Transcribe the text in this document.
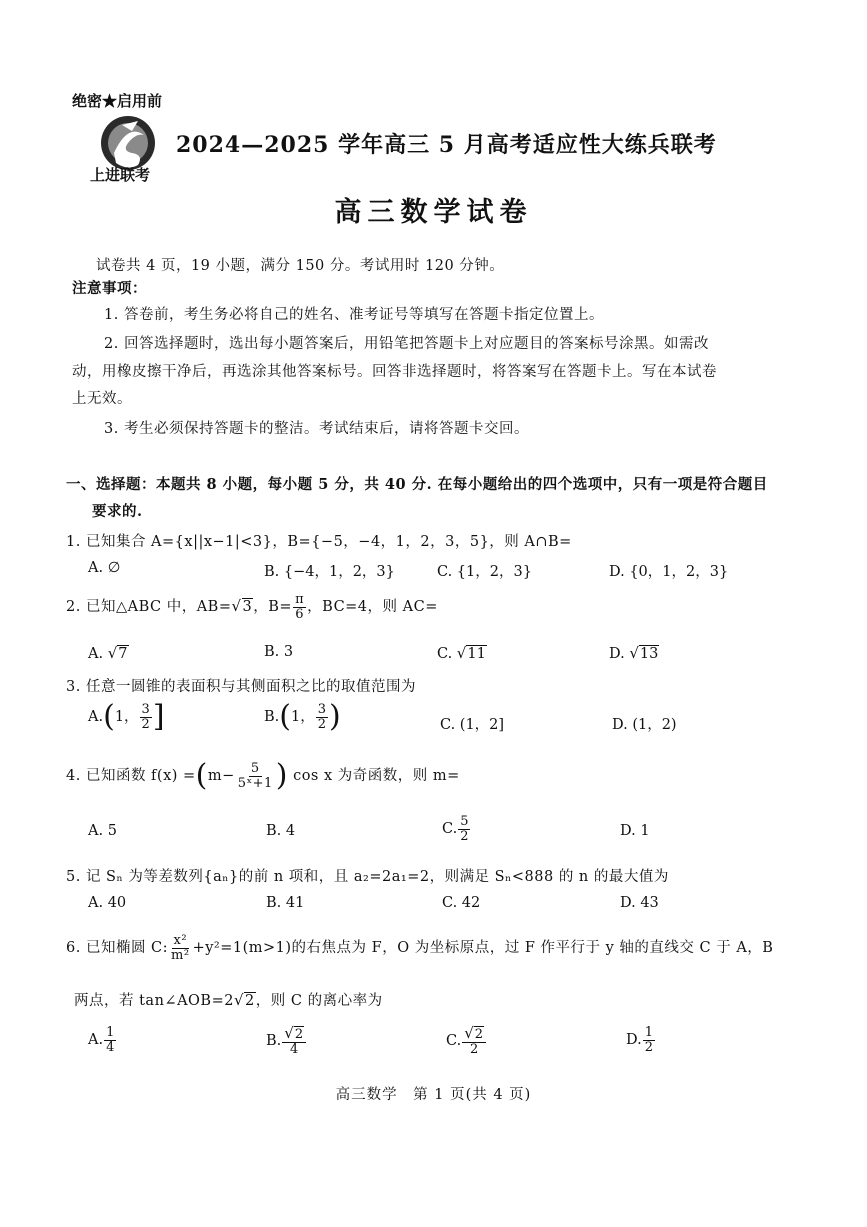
绝密★启用前
上进联考
2024—2025 学年高三 5 月高考适应性大练兵联考
高三数学试卷
试卷共 4 页，19 小题，满分 150 分。考试用时 120 分钟。
注意事项：
1. 答卷前，考生务必将自己的姓名、准考证号等填写在答题卡指定位置上。
2. 回答选择题时，选出每小题答案后，用铅笔把答题卡上对应题目的答案标号涂黑。如需改
动，用橡皮擦干净后，再选涂其他答案标号。回答非选择题时，将答案写在答题卡上。写在本试卷
上无效。
3. 考生必须保持答题卡的整洁。考试结束后，请将答题卡交回。
一、选择题：本题共 8 小题，每小题 5 分，共 40 分. 在每小题给出的四个选项中，只有一项是符合题目
要求的.
1. 已知集合 A={x||x−1|<3}，B={−5，−4，1，2，3，5}，则 A∩B=
A. ∅	B. {−4，1，2，3}	C. {1，2，3}	D. {0，1，2，3}
2. 已知△ABC 中，AB=√3，$B= \frac{\pi}{6}$ ，BC=4，则 AC=
A. √7	B. 3	C. √11	D. √13
3. 任意一圆锥的表面积与其侧面积之比的取值范围为
A.(1， $\frac{3}{2}$ ]	B.(1， $\frac{3}{2}$ )	C. (1，2]	D. (1，2)
4. 已知函数 $f(x) =(m- \frac{5}{\text{5ˣ+1}}$ ) cos x 为奇函数，则 m=
A. 5	B. 4	C. $\frac{5}{2}$	D. 1
5. 记 Sₙ 为等差数列{aₙ}的前 n 项和，且 a₂=2a₁=2，则满足 Sₙ<888 的 n 的最大值为
A. 40	B. 41	C. 42	D. 43
6. 已知椭圆 C: $\frac{\text{x²}}{\text{m²}} +y^2=1(m>1)$的右焦点为 F，O 为坐标原点，过 F 作平行于 y 轴的直线交 C 于 A，B
两点，若 tan∠AOB=2√2，则 C 的离心率为
A. $\frac{1}{4}$	B. $\frac{√2}{4}$	C. $\frac{√2}{2}$	D. $\frac{1}{2}$
高三数学　第 1 页(共 4 页)
